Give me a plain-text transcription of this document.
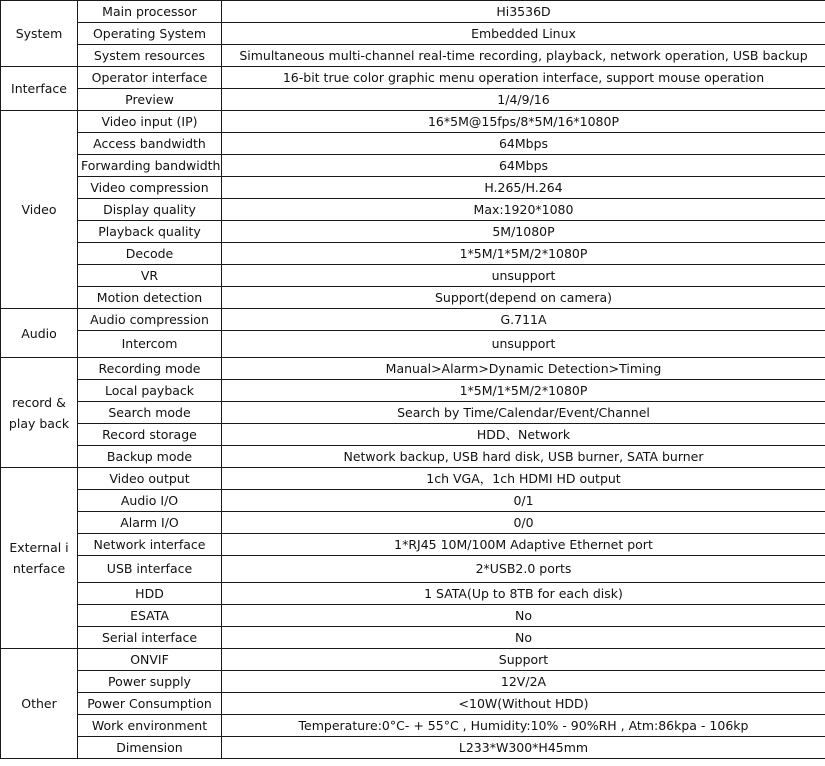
System	Main processor	Hi3536D
	Operating System	Embedded Linux
	System resources	Simultaneous multi-channel real-time recording, playback, network operation, USB backup
Interface	Operator interface	16-bit true color graphic menu operation interface, support mouse operation
	Preview	1/4/9/16
Video	Video input (IP)	16*5M@15fps/8*5M/16*1080P
	Access bandwidth	64Mbps
	Forwarding bandwidth	64Mbps
	Video compression	H.265/H.264
	Display quality	Max:1920*1080
	Playback quality	5M/1080P
	Decode	1*5M/1*5M/2*1080P
	VR	unsupport
	Motion detection	Support(depend on camera)
Audio	Audio compression	G.711A
	Intercom	unsupport
record & play back	Recording mode	Manual>Alarm>Dynamic Detection>Timing
	Local payback	1*5M/1*5M/2*1080P
	Search mode	Search by Time/Calendar/Event/Channel
	Record storage	HDD、Network
	Backup mode	Network backup, USB hard disk, USB burner, SATA burner
External i nterface	Video output	1ch VGA，1ch HDMI HD output
	Audio I/O	0/1
	Alarm I/O	0/0
	Network interface	1*RJ45 10M/100M Adaptive Ethernet port
	USB interface	2*USB2.0 ports
	HDD	1 SATA(Up to 8TB for each disk)
	ESATA	No
	Serial interface	No
Other	ONVIF	Support
	Power supply	12V/2A
	Power Consumption	<10W(Without HDD)
	Work environment	Temperature:0°C- + 55°C , Humidity:10% - 90%RH , Atm:86kpa - 106kp
	Dimension	L233*W300*H45mm
